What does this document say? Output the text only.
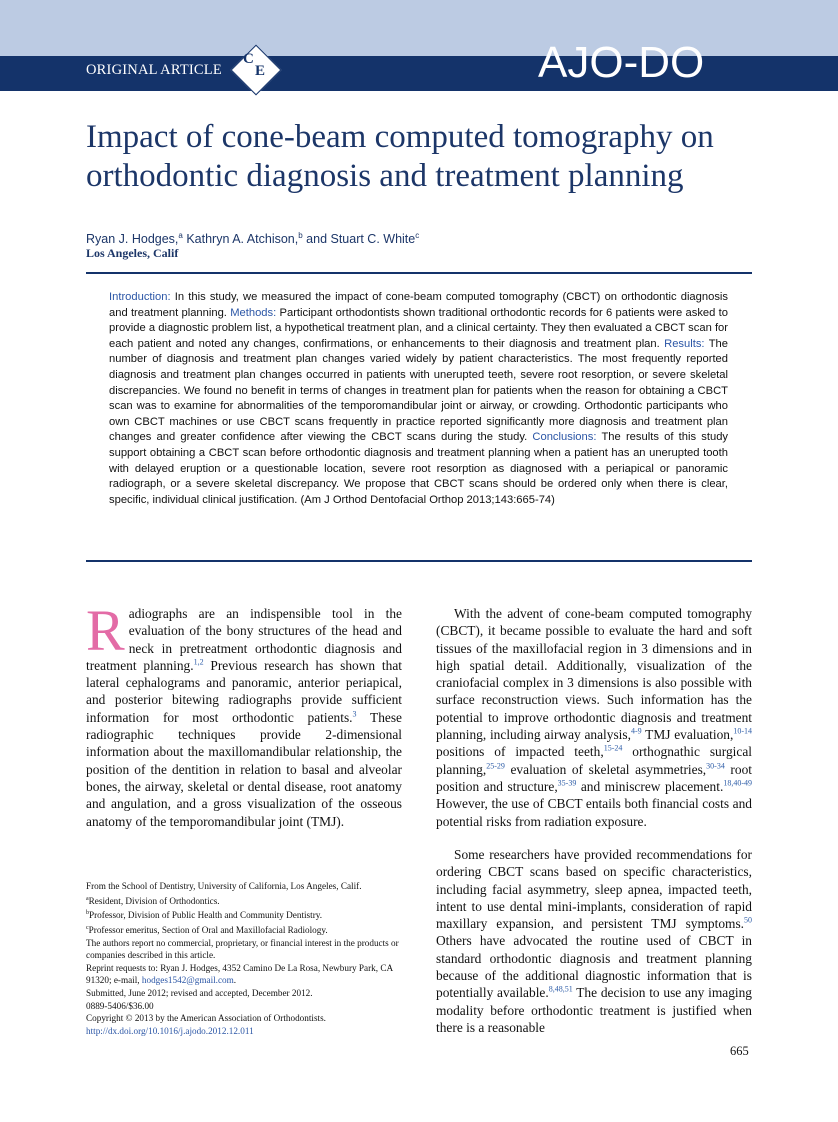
ORIGINAL ARTICLE
C
E	AJO-DO
Impact of cone-beam computed tomography on orthodontic diagnosis and treatment planning
Ryan J. Hodges,$^a$ Kathryn A. Atchison,$^b$ and Stuart C. White$^c$
Los Angeles, Calif

Introduction: In this study, we measured the impact of cone-beam computed tomography (CBCT) on orthodontic diagnosis and treatment planning. Methods: Participant orthodontists shown traditional orthodontic records for 6 patients were asked to provide a diagnostic problem list, a hypothetical treatment plan, and a clinical certainty. They then evaluated a CBCT scan for each patient and noted any changes, confirmations, or enhancements to their diagnosis and treatment plan. Results: The number of diagnosis and treatment plan changes varied widely by patient characteristics. The most frequently reported diagnosis and treatment plan changes occurred in patients with unerupted teeth, severe root resorption, or severe skeletal discrepancies. We found no benefit in terms of changes in treatment plan for patients when the reason for obtaining a CBCT scan was to examine for abnormalities of the temporomandibular joint or airway, or crowding. Orthodontic participants who own CBCT machines or use CBCT scans frequently in practice reported significantly more diagnosis and treatment plan changes and greater confidence after viewing the CBCT scans during the study. Conclusions: The results of this study support obtaining a CBCT scan before orthodontic diagnosis and treatment planning when a patient has an unerupted tooth with delayed eruption or a questionable location, severe root resorption as diagnosed with a periapical or panoramic radiograph, or a severe skeletal discrepancy. We propose that CBCT scans should be ordered only when there is clear, specific, individual clinical justification. (Am J Orthod Dentofacial Orthop 2013;143:665-74)

Radiographs are an indispensible tool in the evaluation of the bony structures of the head and neck in pretreatment orthodontic diagnosis and treatment planning.$^{1,2}$ Previous research has shown that lateral cephalograms and panoramic, anterior periapical, and posterior bitewing radiographs provide sufficient information for most orthodontic patients.$^3$ These radiographic techniques provide 2-dimensional information about the maxillomandibular relationship, the position of the dentition in relation to basal and alveolar bones, the airway, skeletal or dental disease, root anatomy and angulation, and a gross visualization of the osseous anatomy of the temporomandibular joint (TMJ).

From the School of Dentistry, University of California, Los Angeles, Calif.
$^a$Resident, Division of Orthodontics.
$^b$Professor, Division of Public Health and Community Dentistry.
$^c$Professor emeritus, Section of Oral and Maxillofacial Radiology.
The authors report no commercial, proprietary, or financial interest in the products or companies described in this article.
Reprint requests to: Ryan J. Hodges, 4352 Camino De La Rosa, Newbury Park, CA 91320; e-mail, hodges1542@gmail.com.
Submitted, June 2012; revised and accepted, December 2012.
0889-5406/$36.00
Copyright © 2013 by the American Association of Orthodontists.
http://dx.doi.org/10.1016/j.ajodo.2012.12.011

With the advent of cone-beam computed tomography (CBCT), it became possible to evaluate the hard and soft tissues of the maxillofacial region in 3 dimensions and in high spatial detail. Additionally, visualization of the craniofacial complex in 3 dimensions is also possible with surface reconstruction views. Such information has the potential to improve orthodontic diagnosis and treatment planning, including airway analysis,$^{4-9}$ TMJ evaluation,$^{10-14}$ positions of impacted teeth,$^{15-24}$ orthognathic surgical planning,$^{25-29}$ evaluation of skeletal asymmetries,$^{30-34}$ root position and structure,$^{35-39}$ and miniscrew placement.$^{18,40-49}$ However, the use of CBCT entails both financial costs and potential risks from radiation exposure.

Some researchers have provided recommendations for ordering CBCT scans based on specific characteristics, including facial asymmetry, sleep apnea, impacted teeth, intent to use dental mini-implants, consideration of rapid maxillary expansion, and persistent TMJ symptoms.$^{50}$ Others have advocated the routine used of CBCT in standard orthodontic diagnosis and treatment planning because of the additional diagnostic information that is potentially available.$^{8,48,51}$ The decision to use any imaging modality before orthodontic treatment is justified when there is a reasonable

665
